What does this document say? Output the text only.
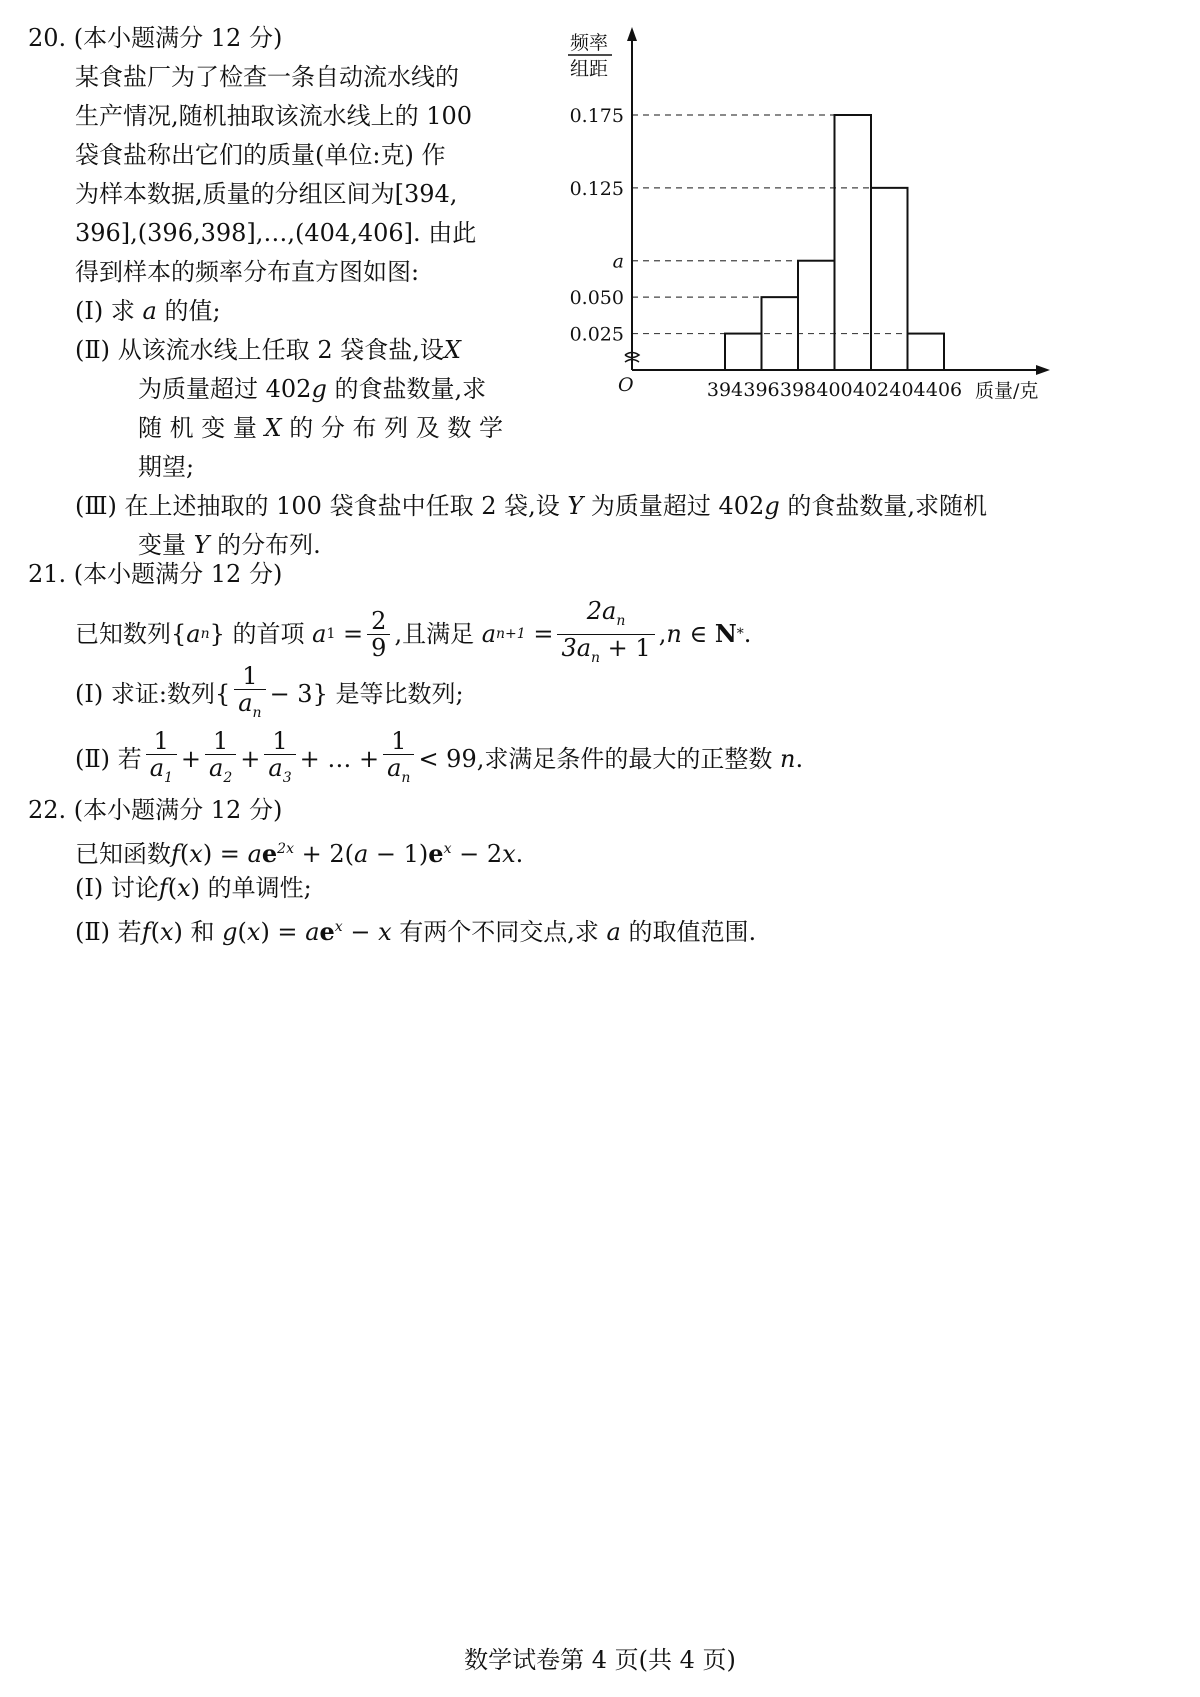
20. (本小题满分 12 分)
某食盐厂为了检查一条自动流水线的
生产情况,随机抽取该流水线上的 100
袋食盐称出它们的质量(单位:克) 作
为样本数据,质量的分组区间为[394,
396],(396,398],…,(404,406]. 由此
得到样本的频率分布直方图如图:
(Ⅰ) 求 a 的值;
(Ⅱ) 从该流水线上任取 2 袋食盐,设X
为质量超过 402g 的食盐数量,求
随 机 变 量 X 的 分 布 列 及 数 学
期望;
(Ⅲ) 在上述抽取的 100 袋食盐中任取 2 袋,设 Y 为质量超过 402g 的食盐数量,求随机
变量 Y 的分布列.
频率
组距
O	质量/克
0.175
0.125
a
0.050
0.025
394 396 398 400 402 404 406
21. (本小题满分 12 分)
已知数列{ a n } 的首项
a 1
= $\frac{2}{9}$ ,且满足
a n+1
= $\frac{2a_n}{3a_n + 1}$ , n
∈
N * .
(Ⅰ)
求证:数列{ $\frac{1}{a_n} - 3$} 是等比数列;
(Ⅱ)
若 $\frac{1}{a_1} + \frac{1}{a_2} + \frac{1}{a_3}$ + … + $\frac{1}{a_n} < 99$,求满足条件的最大的正整数
n .
22. (本小题满分 12 分)
已知函数$f(x) = ae^{2x} + 2(a - 1)e^x - 2x$.
(Ⅰ) 讨论f(x) 的单调性;
(Ⅱ) 若f(x) 和 $g(x) = ae^x - x$ 有两个不同交点,求 a 的取值范围.
数学试卷第 4 页(共 4 页)
